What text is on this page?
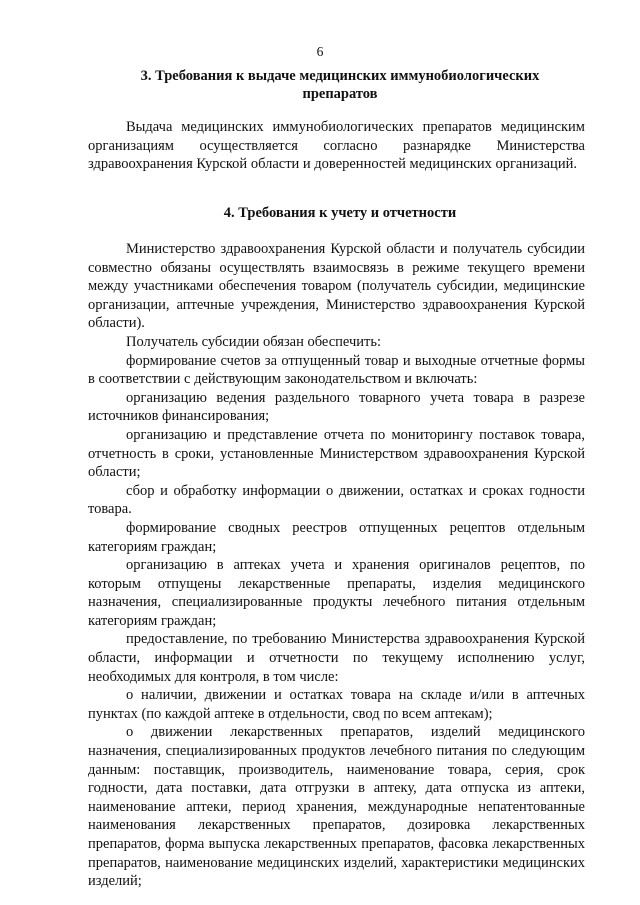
6
3. Требования к выдаче медицинских иммунобиологических препаратов

Выдача медицинских иммунобиологических препаратов медицинским организациям осуществляется согласно разнарядке Министерства здравоохранения Курской области и доверенностей медицинских организаций.

4. Требования к учету и отчетности

Министерство здравоохранения Курской области и получатель субсидии совместно обязаны осуществлять взаимосвязь в режиме текущего времени между участниками обеспечения товаром (получатель субсидии, медицинские организации, аптечные учреждения, Министерство здравоохранения Курской области).

Получатель субсидии обязан обеспечить:

формирование счетов за отпущенный товар и выходные отчетные формы в соответствии с действующим законодательством и включать:

организацию ведения раздельного товарного учета товара в разрезе источников финансирования;

организацию и представление отчета по мониторингу поставок товара, отчетность в сроки, установленные Министерством здравоохранения Курской области;

сбор и обработку информации о движении, остатках и сроках годности товара.

формирование сводных реестров отпущенных рецептов отдельным категориям граждан;

организацию в аптеках учета и хранения оригиналов рецептов, по которым отпущены лекарственные препараты, изделия медицинского назначения, специализированные продукты лечебного питания отдельным категориям граждан;

предоставление, по требованию Министерства здравоохранения Курской области, информации и отчетности по текущему исполнению услуг, необходимых для контроля, в том числе:

о наличии, движении и остатках товара на складе и/или в аптечных пунктах (по каждой аптеке в отдельности, свод по всем аптекам);

о движении лекарственных препаратов, изделий медицинского назначения, специализированных продуктов лечебного питания по следующим данным: поставщик, производитель, наименование товара, серия, срок годности, дата поставки, дата отгрузки в аптеку, дата отпуска из аптеки, наименование аптеки, период хранения, международные непатентованные наименования лекарственных препаратов, дозировка лекарственных препаратов, форма выпуска лекарственных препаратов, фасовка лекарственных препаратов, наименование медицинских изделий, характеристики медицинских изделий;
